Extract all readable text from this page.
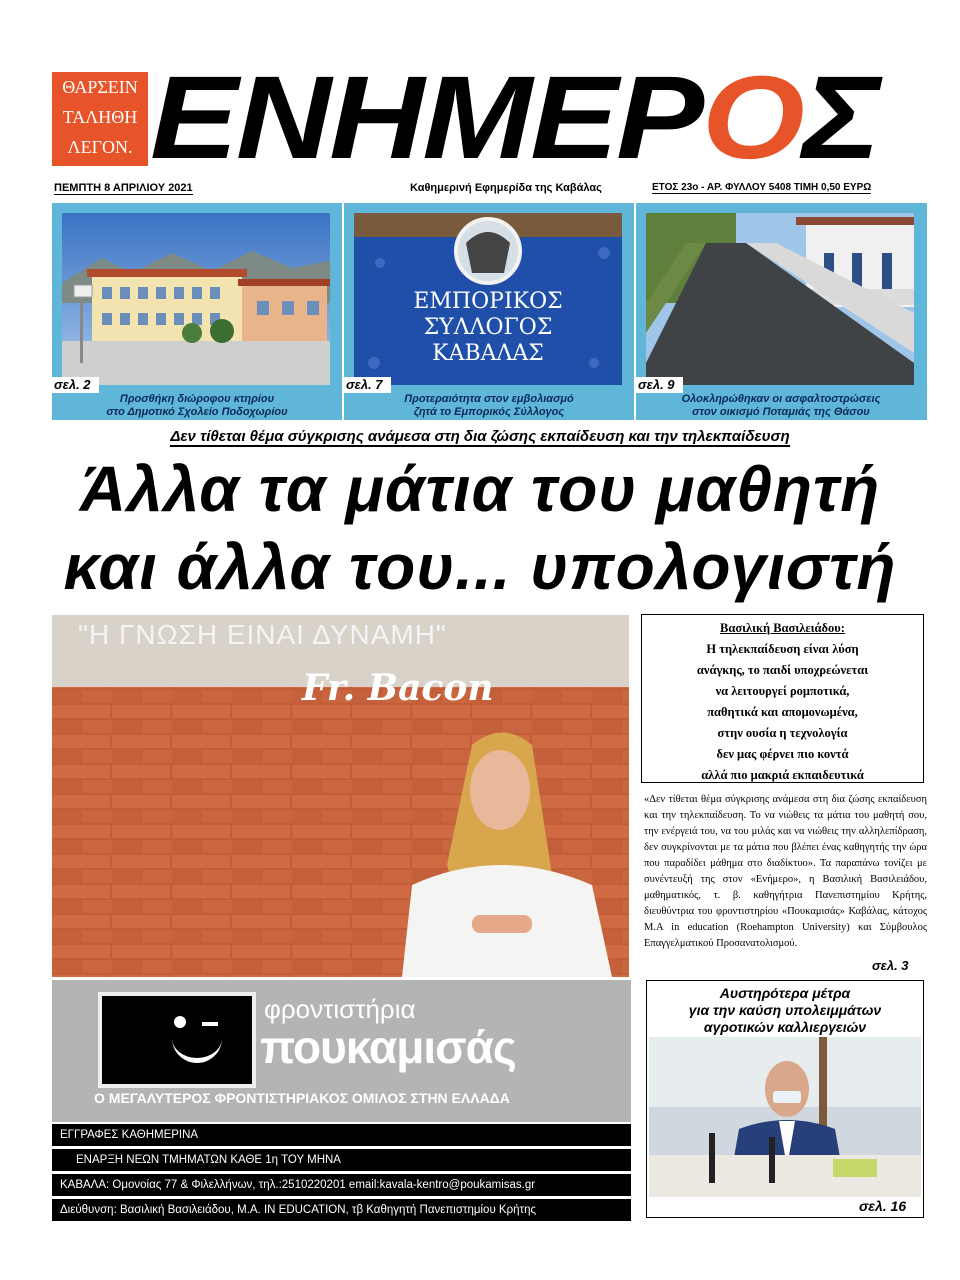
ΘΑΡΣΕΙΝ
ΤΑΛΗΘΗ
ΛΕΓΟΝ. ΕΝΗΜΕΡΟΣ
ΠΕΜΠΤΗ 8 ΑΠΡΙΛΙΟΥ 2021	Καθημερινή Εφημερίδα της Καβάλας	ΕΤΟΣ 23ο - ΑΡ. ΦΥΛΛΟΥ 5408 ΤΙΜΗ 0,50 ΕΥΡΩ
σελ. 2
Προσθήκη διώροφου κτηρίου
στο Δημοτικό Σχολείο Ποδοχωρίου
ΕΜΠΟΡΙΚΟΣ
ΣΥΛΛΟΓΟΣ
ΚΑΒΑΛΑΣ
σελ. 7
Προτεραιότητα στον εμβολιασμό
ζητά το Εμπορικός Σύλλογος
σελ. 9
Ολοκληρώθηκαν οι ασφαλτοστρώσεις
στον οικισμό Ποταμιάς της Θάσου
Δεν τίθεται θέμα σύγκρισης ανάμεσα στη δια ζώσης εκπαίδευση και την τηλεκπαίδευση
Άλλα τα μάτια του μαθητή
και άλλα του... υπολογιστή
"Η ΓΝΩΣΗ ΕΙΝΑΙ ΔΥΝΑΜΗ"
Fr. Bacon
Βασιλική Βασιλειάδου:
Η τηλεκπαίδευση είναι λύση
ανάγκης, το παιδί υποχρεώνεται
να λειτουργεί ρομποτικά,
παθητικά και απομονωμένα,
στην ουσία η τεχνολογία
δεν μας φέρνει πιο κοντά
αλλά πιο μακριά εκπαιδευτικά
«Δεν τίθεται θέμα σύγκρισης ανάμεσα στη δια ζώσης εκπαίδευση και την τηλεκπαίδευση. Το να νιώθεις τα μάτια του μαθητή σου, την ενέργειά του, να του μιλάς και να νιώθεις την αλληλεπίδραση, δεν συγκρίνονται με τα μάτια που βλέπει ένας καθηγητής την ώρα που παραδίδει μάθημα στο διαδίκτυο». Τα παραπάνω τονίζει με συνέντευξή της στον «Ενήμερο», η Βασιλική Βασιλειάδου, μαθηματικός, τ. β. καθηγήτρια Πανεπιστημίου Κρήτης, διευθύντρια του φροντιστηρίου «Πουκαμισάς» Καβάλας, κάτοχος M.A in education (Roehampton University) και Σύμβουλος Επαγγελματικού Προσανατολισμού.
σελ. 3
φροντιστήρια
πουκαμισάς
Ο ΜΕΓΑΛΥΤΕΡΟΣ ΦΡΟΝΤΙΣΤΗΡΙΑΚΟΣ ΟΜΙΛΟΣ ΣΤΗΝ ΕΛΛΑΔΑ
ΕΓΓΡΑΦΕΣ ΚΑΘΗΜΕΡΙΝΑ
ΕΝΑΡΞΗ ΝΕΩΝ ΤΜΗΜΑΤΩΝ ΚΑΘΕ 1η ΤΟΥ ΜΗΝΑ
ΚΑΒΑΛΑ: Ομονοίας 77 & Φιλελλήνων, τηλ.:2510220201 email:kavala-kentro@poukamisas.gr
Διεύθυνση: Βασιλική Βασιλειάδου, Μ.Α. IN EDUCATION, τβ Καθηγητή Πανεπιστημίου Κρήτης
Αυστηρότερα μέτρα
για την καύση υπολειμμάτων
αγροτικών καλλιεργειών
σελ. 16
